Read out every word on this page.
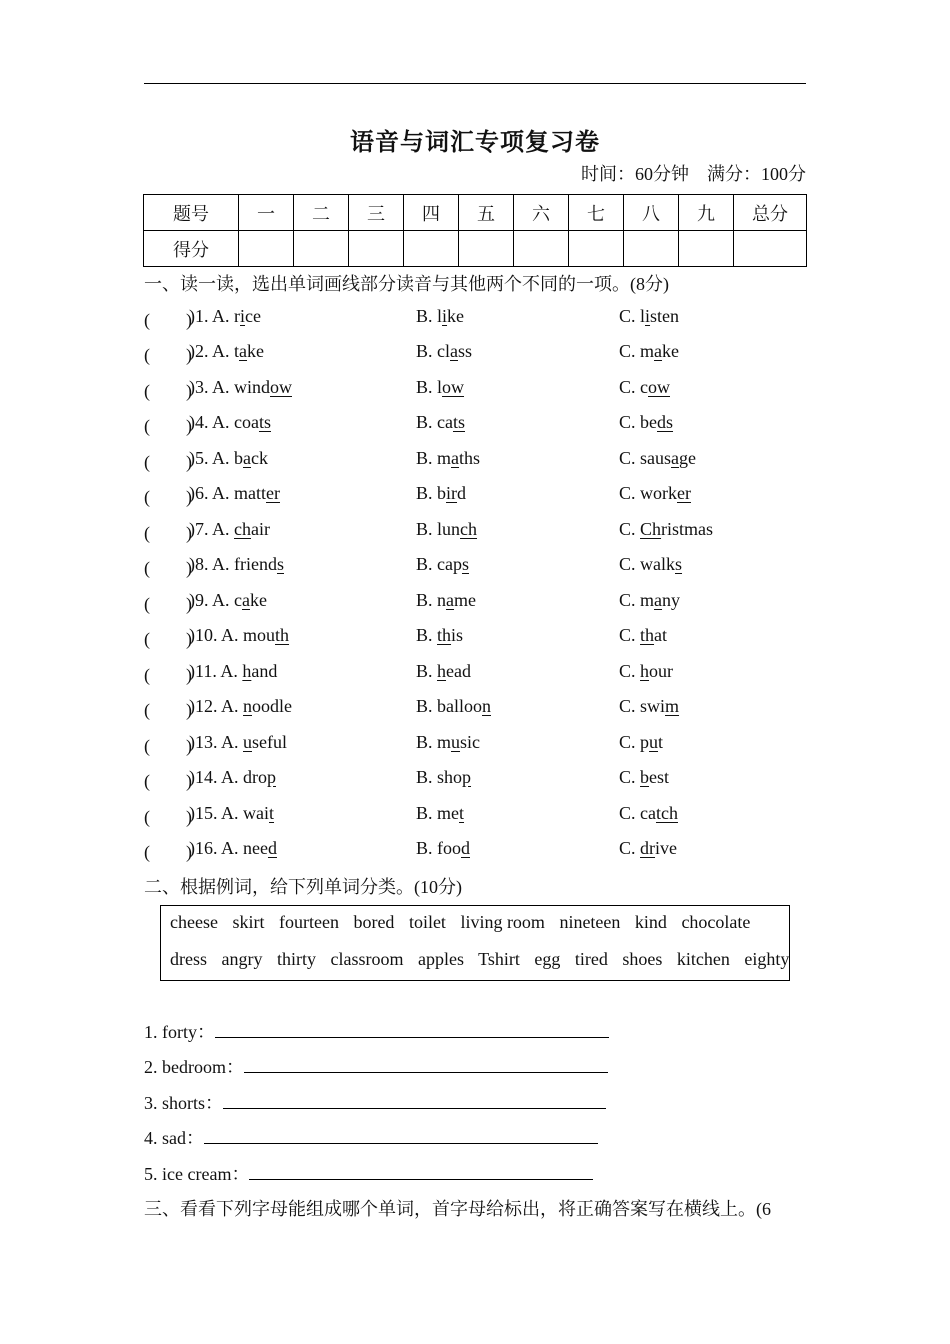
语音与词汇专项复习卷
时间：60分钟 满分：100分
题号	一	二	三	四	五	六	七	八	九	总分
得分										
一、读一读，选出单词画线部分读音与其他两个不同的一项。(8分)
(　　)
)1. A. rice	B. like	C. listen
(　　)
)2. A. take	B. class	C. make
(　　)
)3. A. window	B. low	C. cow
(　　)
)4. A. coats	B. cats	C. beds
(　　)
)5. A. back	B. maths	C. sausage
(　　)
)6. A. matter	B. bird	C. worker
(　　)
)7. A. chair	B. lunch	C. Christmas
(　　)
)8. A. friends	B. caps	C. walks
(　　)
)9. A. cake	B. name	C. many
(　　)
)10. A. mouth	B. this	C. that
(　　)
)11. A. hand	B. head	C. hour
(　　)
)12. A. noodle	B. balloon	C. swim
(　　)
)13. A. useful	B. music	C. put
(　　)
)14. A. drop	B. shop	C. best
(　　)
)15. A. wait	B. met	C. catch
(　　)
)16. A. need	B. food	C. drive
二、根据例词，给下列单词分类。(10分)
cheese skirt fourteen bored toilet living room nineteen kind chocolate
dress angry thirty classroom apples Tshirt egg tired shoes kitchen eighty
1. forty：
2. bedroom：
3. shorts：
4. sad：
5. ice cream：
三、看看下列字母能组成哪个单词，首字母给标出，将正确答案写在横线上。(6
